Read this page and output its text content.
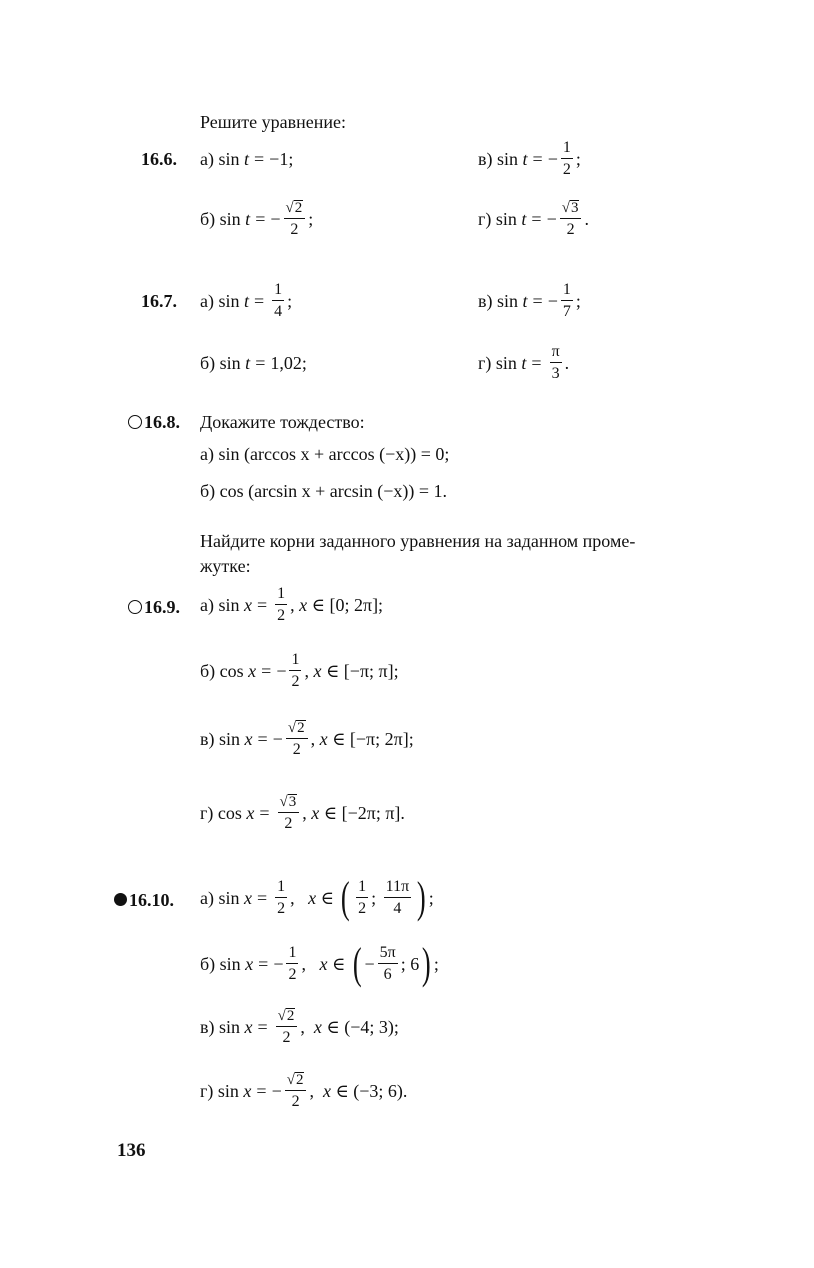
Решите уравнение:
16.6. а)
sin
t = −1;	в)
sin
t = − $\frac{1}{2}$ ;
б)
sin
t = − $\frac{√ 2}{2}$ ;	г)
sin
t = − $\frac{√ 3}{2}$ .
16.7. а)
sin
$t = \frac{1}{4}$ ;	в)
sin
t = − $\frac{1}{7}$ ;
б)
sin
t = 1,02;	г)
sin
$t = \frac{\pi}{3}$ .
16.8. Докажите тождество:
а) sin (arccos x + arccos (−x)) = 0;
б) cos (arcsin x + arcsin (−x)) = 1.
Найдите корни заданного уравнения на заданном проме-
жутке:
16.9. а)
sin
$x = \frac{1}{2}$ , x
∈ [0; 2π];
б)
cos
x = − $\frac{1}{2}$ , x
∈ [−π; π];
в)
sin
x = − $\frac{√ 2}{2}$ , x
∈ [−π; 2π];
г)
cos
$x = \frac{√ 3}{2}$ , x
∈ [−2π; π].
16.10. а)
sin
$x = \frac{1}{2}$ , x ∈ ( $\frac{1}{2}$ ; $\frac{11\pi}{4}$ ) ;
б)
sin
x = − $\frac{1}{2}$ , x ∈ ( − $\frac{5\pi}{6}$ ; 6 ) ;
в)
sin
$x = \frac{√ 2}{2}$ , x
∈ (−4; 3);
г)
sin
x = − $\frac{√ 2}{2}$ , x
∈ (−3; 6).
136
